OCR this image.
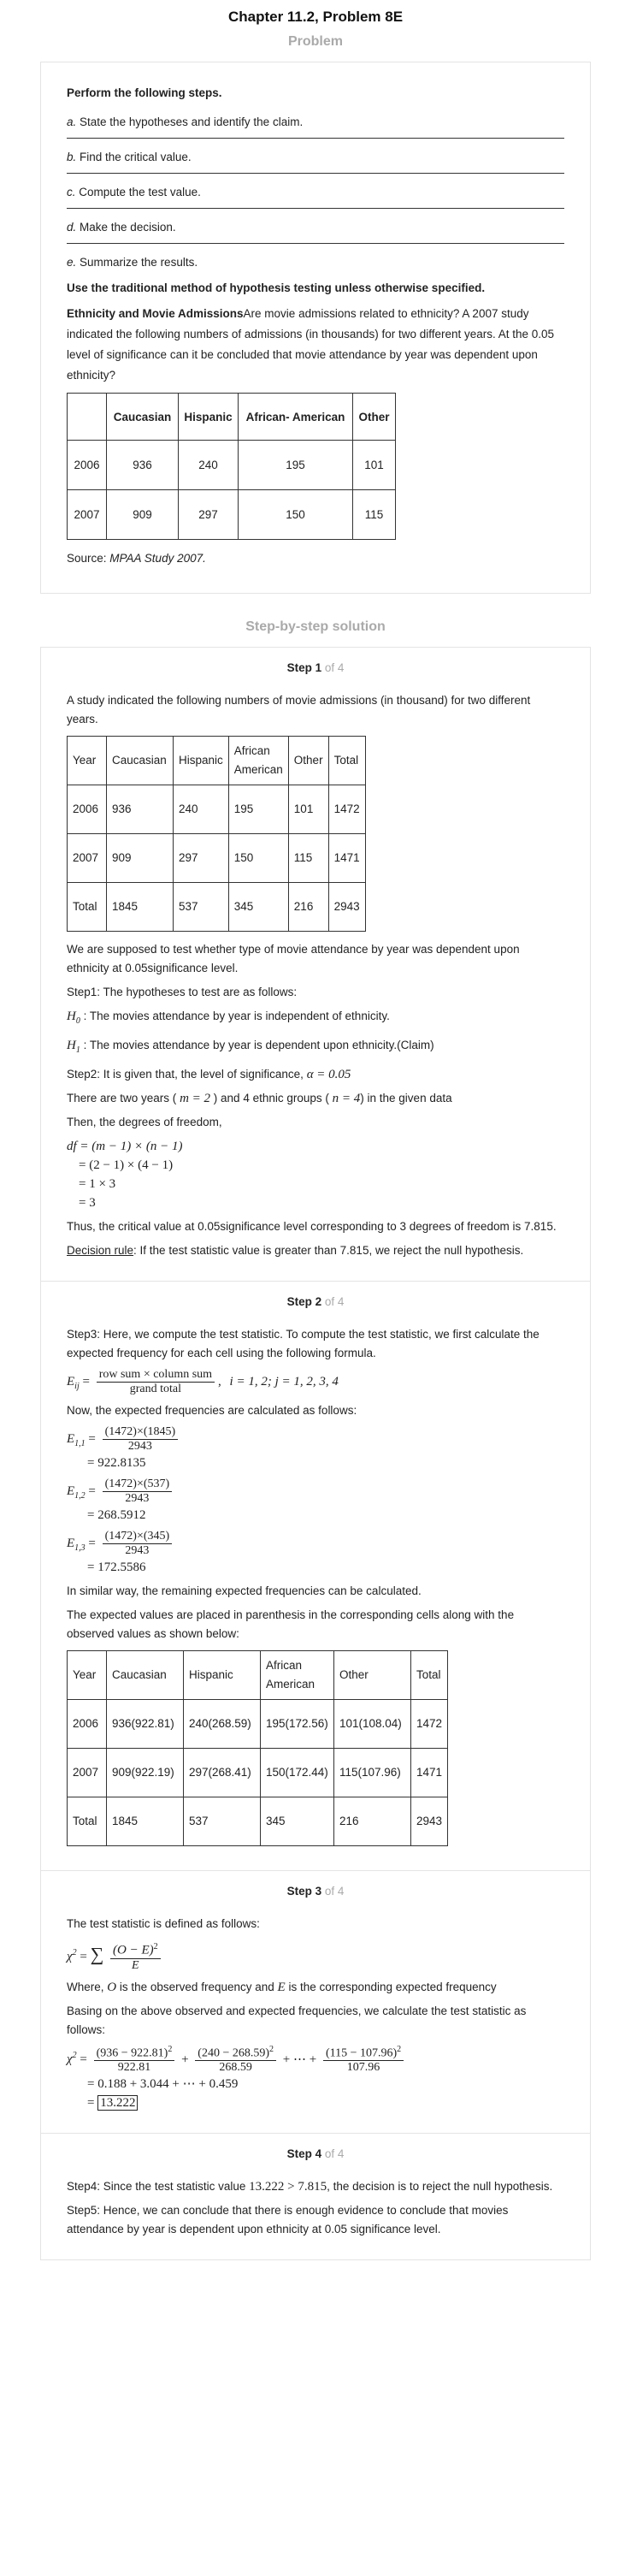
Chapter 11.2, Problem 8E
Problem

Perform the following steps.

a. State the hypotheses and identify the claim.

b. Find the critical value.

c. Compute the test value.

d. Make the decision.

e. Summarize the results.

Use the traditional method of hypothesis testing unless otherwise specified.

Ethnicity and Movie AdmissionsAre movie admissions related to ethnicity? A 2007 study indicated the following numbers of admissions (in thousands) for two different years. At the 0.05 level of significance can it be concluded that movie attendance by year was dependent upon ethnicity?

	Caucasian	Hispanic	African- American	Other
2006	936	240	195	101
2007	909	297	150	115

Source: MPAA Study 2007.

Step-by-step solution
Step 1 of 4

A study indicated the following numbers of movie admissions (in thousand) for two different years.

Year	Caucasian	Hispanic	African American	Other	Total
2006	936	240	195	101	1472
2007	909	297	150	115	1471
Total	1845	537	345	216	2943

We are supposed to test whether type of movie attendance by year was dependent upon ethnicity at 0.05significance level.

Step1: The hypotheses to test are as follows:

$H_0$ : The movies attendance by year is independent of ethnicity.

$H_1$ : The movies attendance by year is dependent upon ethnicity.(Claim)

Step2: It is given that, the level of significance, α = 0.05

There are two years ( m = 2 ) and 4 ethnic groups ( n = 4) in the given data

Then, the degrees of freedom,

df = (m − 1) × (n − 1)
= (2 − 1) × (4 − 1)
= 1 × 3
= 3

Thus, the critical value at 0.05significance level corresponding to 3 degrees of freedom is 7.815.

Decision rule: If the test statistic value is greater than 7.815, we reject the null hypothesis.

Step 2 of 4

Step3: Here, we compute the test statistic. To compute the test statistic, we first calculate the expected frequency for each cell using the following formula.

$E_{ij} = \frac{\text{row sum × column sum}}{\text{grand total}}$ , i = 1, 2; j = 1, 2, 3, 4

Now, the expected frequencies are calculated as follows:

$E_{1,1} = \frac{(1472)\times(1845)}{2943}$
= 922.8135
$E_{1,2} = \frac{(1472)\times(537)}{2943}$
= 268.5912
$E_{1,3} = \frac{(1472)\times(345)}{2943}$
= 172.5586

In similar way, the remaining expected frequencies can be calculated.

The expected values are placed in parenthesis in the corresponding cells along with the observed values as shown below:

Year	Caucasian	Hispanic	African American	Other	Total
2006	936(922.81)	240(268.59)	195(172.56)	101(108.04)	1472
2007	909(922.19)	297(268.41)	150(172.44)	115(107.96)	1471
Total	1845	537	345	216	2943
Step 3 of 4

The test statistic is defined as follows:

$\chi^2$ = ∑ $\frac{(O - E)^2}{E}$

Where, O is the observed frequency and E is the corresponding expected frequency

Basing on the above observed and expected frequencies, we calculate the test statistic as follows:

$\chi^2 = \frac{(936 - 922.81)^2}{922.81} + \frac{(240 - 268.59)^2}{268.59}$ + ⋯ + $\frac{(115 - 107.96)^2}{107.96}$
= 0.188 + 3.044 + ⋯ + 0.459
= 13.222
Step 4 of 4

Step4: Since the test statistic value 13.222 > 7.815, the decision is to reject the null hypothesis.

Step5: Hence, we can conclude that there is enough evidence to conclude that movies attendance by year is dependent upon ethnicity at 0.05 significance level.
